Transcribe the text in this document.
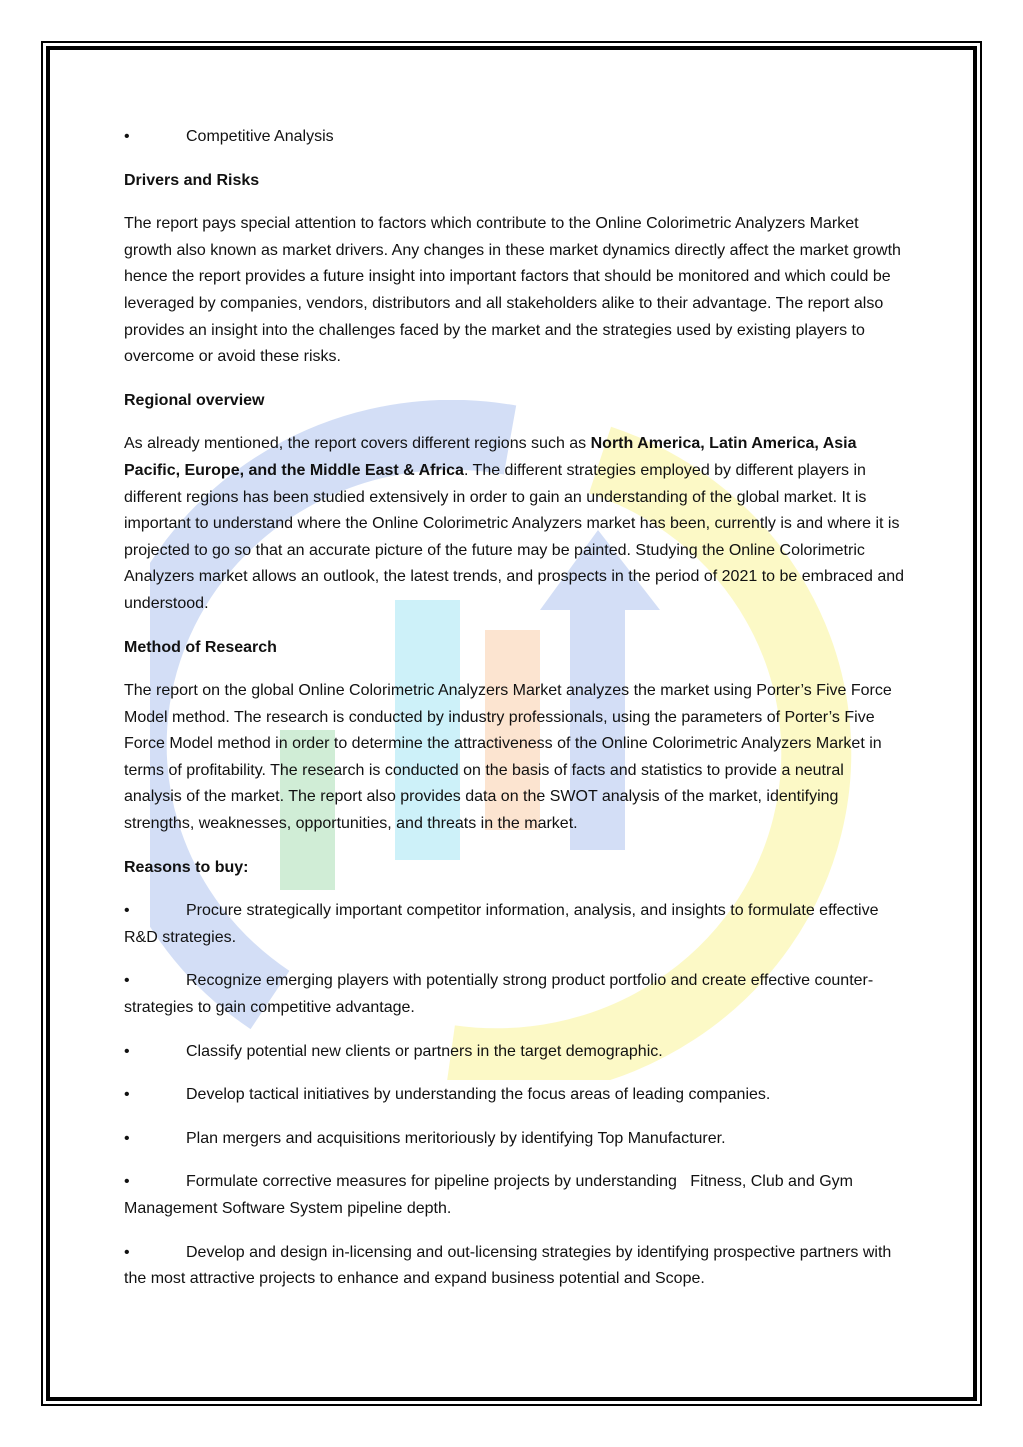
•	Competitive Analysis

Drivers and Risks

The report pays special attention to factors which contribute to the Online Colorimetric Analyzers Market growth also known as market drivers. Any changes in these market dynamics directly affect the market growth hence the report provides a future insight into important factors that should be monitored and which could be leveraged by companies, vendors, distributors and all stakeholders alike to their advantage. The report also provides an insight into the challenges faced by the market and the strategies used by existing players to overcome or avoid these risks.

Regional overview

As already mentioned, the report covers different regions such as North America, Latin America, Asia Pacific, Europe, and the Middle East & Africa. The different strategies employed by different players in different regions has been studied extensively in order to gain an understanding of the global market. It is important to understand where the Online Colorimetric Analyzers market has been, currently is and where it is projected to go so that an accurate picture of the future may be painted. Studying the Online Colorimetric Analyzers market allows an outlook, the latest trends, and prospects in the period of 2021 to be embraced and understood.

Method of Research

The report on the global Online Colorimetric Analyzers Market analyzes the market using Porter’s Five Force Model method. The research is conducted by industry professionals, using the parameters of Porter’s Five Force Model method in order to determine the attractiveness of the Online Colorimetric Analyzers Market in terms of profitability. The research is conducted on the basis of facts and statistics to provide a neutral analysis of the market. The report also provides data on the SWOT analysis of the market, identifying strengths, weaknesses, opportunities, and threats in the market.

Reasons to buy:

•	Procure strategically important competitor information, analysis, and insights to formulate effective R&D strategies.

•	Recognize emerging players with potentially strong product portfolio and create effective counter-strategies to gain competitive advantage.

•	Classify potential new clients or partners in the target demographic.

•	Develop tactical initiatives by understanding the focus areas of leading companies.

•	Plan mergers and acquisitions meritoriously by identifying Top Manufacturer.

•	Formulate corrective measures for pipeline projects by understanding   Fitness, Club and Gym Management Software System pipeline depth.

•	Develop and design in-licensing and out-licensing strategies by identifying prospective partners with the most attractive projects to enhance and expand business potential and Scope.
